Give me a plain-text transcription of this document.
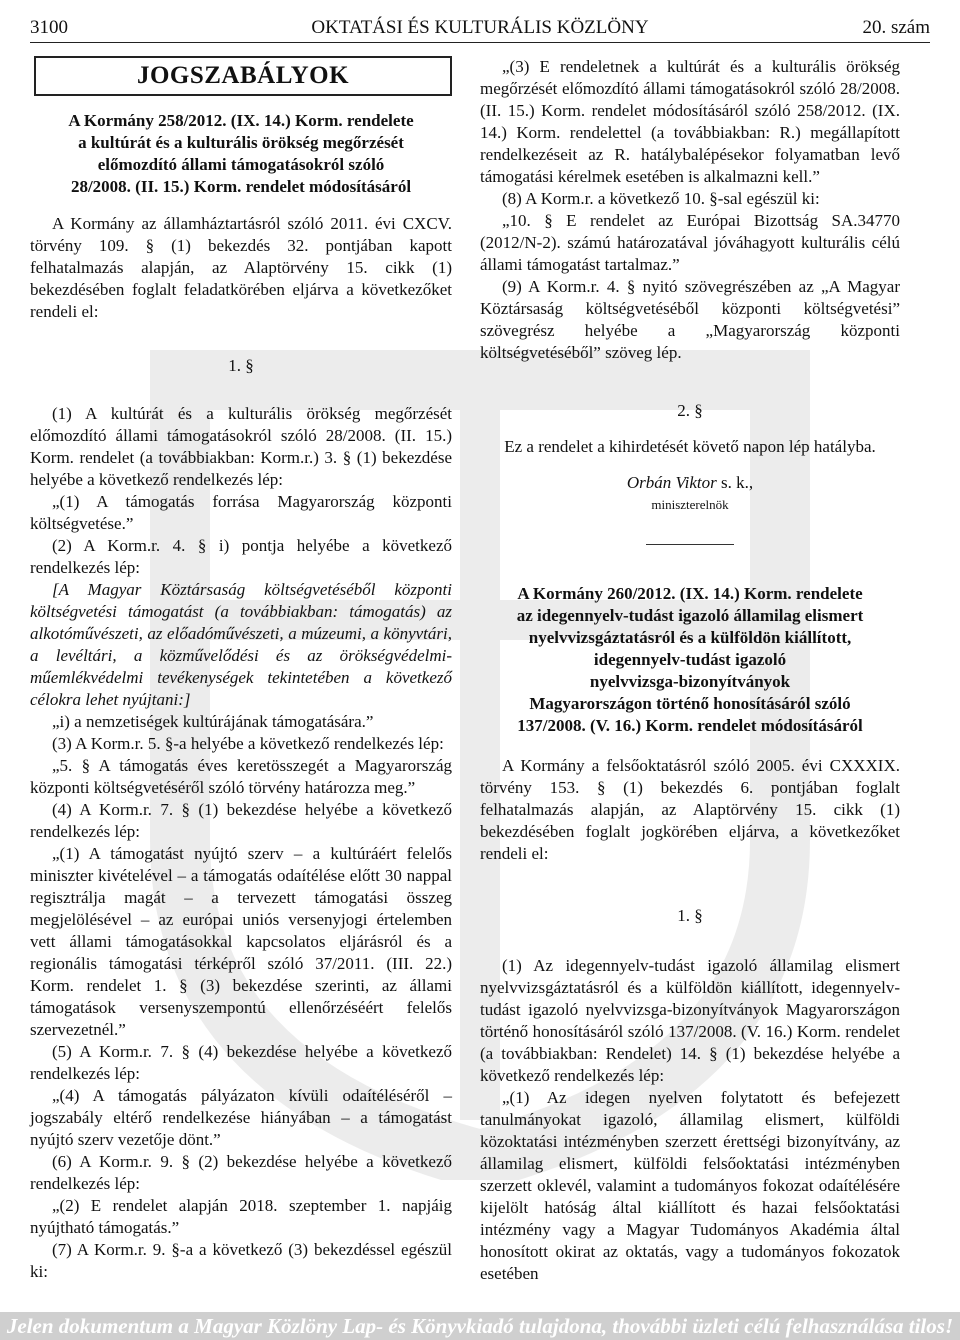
3100	OKTATÁSI ÉS KULTURÁLIS KÖZLÖNY	20. szám
JOGSZABÁLYOK

A Kormány 258/2012. (IX. 14.) Korm. rendelete

a kultúrát és a kulturális örökség megőrzését

előmozdító állami támogatásokról szóló

28/2008. (II. 15.) Korm. rendelet módosításáról

A Kormány az államháztartásról szóló 2011. évi CXCV. törvény 109. § (1) bekezdés 32. pontjában kapott felhatalmazás alapján, az Alaptörvény 15. cikk (1) bekezdésében foglalt feladatkörében eljárva a következőket rendeli el:

1. §

(1) A kultúrát és a kulturális örökség megőrzését előmozdító állami támogatásokról szóló 28/2008. (II. 15.) Korm. rendelet (a továbbiakban: Korm.r.) 3. § (1) bekezdése helyébe a következő rendelkezés lép:

„(1) A támogatás forrása Magyarország központi költségvetése.”

(2) A Korm.r. 4. § i) pontja helyébe a következő rendelkezés lép:

[A Magyar Köztársaság költségvetéséből központi költségvetési támogatást (a továbbiakban: támogatás) az alkotóművészeti, az előadóművészeti, a múzeumi, a könyvtári, a levéltári, a közművelődési és az örökségvédelmi-műemlékvédelmi tevékenységek tekintetében a következő célokra lehet nyújtani:]

„i) a nemzetiségek kultúrájának támogatására.”

(3) A Korm.r. 5. §-a helyébe a következő rendelkezés lép:

„5. § A támogatás éves keretösszegét a Magyarország központi költségvetéséről szóló törvény határozza meg.”

(4) A Korm.r. 7. § (1) bekezdése helyébe a következő rendelkezés lép:

„(1) A támogatást nyújtó szerv – a kultúráért felelős miniszter kivételével – a támogatás odaítélése előtt 30 nappal regisztrálja magát – a tervezett támogatási összeg megjelölésével – az európai uniós versenyjogi értelemben vett állami támogatásokkal kapcsolatos eljárásról és a regionális támogatási térképről szóló 37/2011. (III. 22.) Korm. rendelet 1. § (3) bekezdése szerinti, az állami támogatások versenyszempontú ellenőrzéséért felelős szervezetnél.”

(5) A Korm.r. 7. § (4) bekezdése helyébe a következő rendelkezés lép:

„(4) A támogatás pályázaton kívüli odaítéléséről – jogszabály eltérő rendelkezése hiányában – a támogatást nyújtó szerv vezetője dönt.”

(6) A Korm.r. 9. § (2) bekezdése helyébe a következő rendelkezés lép:

„(2) E rendelet alapján 2018. szeptember 1. napjáig nyújtható támogatás.”

(7) A Korm.r. 9. §-a a következő (3) bekezdéssel egészül ki:

„(3) E rendeletnek a kultúrát és a kulturális örökség megőrzését előmozdító állami támogatásokról szóló 28/2008. (II. 15.) Korm. rendelet módosításáról szóló 258/2012. (IX. 14.) Korm. rendelettel (a továbbiakban: R.) megállapított rendelkezéseit az R. hatálybalépésekor folyamatban levő támogatási kérelmek esetében is alkalmazni kell.”

(8) A Korm.r. a következő 10. §-sal egészül ki:

„10. § E rendelet az Európai Bizottság SA.34770 (2012/N-2). számú határozatával jóváhagyott kulturális célú állami támogatást tartalmaz.”

(9) A Korm.r. 4. § nyitó szövegrészében az „A Magyar Köztársaság költségvetéséből központi költségvetési” szövegrész helyébe a „Magyarország központi költségvetéséből” szöveg lép.

2. §

Ez a rendelet a kihirdetését követő napon lép hatályba.

Orbán Viktor s. k.,

miniszterelnök

A Kormány 260/2012. (IX. 14.) Korm. rendelete

az idegennyelv-tudást igazoló államilag elismert

nyelvvizsgáztatásról és a külföldön kiállított,

idegennyelv-tudást igazoló

nyelvvizsga-bizonyítványok

Magyarországon történő honosításáról szóló

137/2008. (V. 16.) Korm. rendelet módosításáról

A Kormány a felsőoktatásról szóló 2005. évi CXXXIX. törvény 153. § (1) bekezdés 6. pontjában foglalt felhatalmazás alapján, az Alaptörvény 15. cikk (1) bekezdésében foglalt jogkörében eljárva, a következőket rendeli el:

1. §

(1) Az idegennyelv-tudást igazoló államilag elismert nyelvvizsgáztatásról és a külföldön kiállított, idegennyelv-tudást igazoló nyelvvizsga-bizonyítványok Magyarországon történő honosításáról szóló 137/2008. (V. 16.) Korm. rendelet (a továbbiakban: Rendelet) 14. § (1) bekezdése helyébe a következő rendelkezés lép:

„(1) Az idegen nyelven folytatott és befejezett tanulmányokat igazoló, államilag elismert, külföldi közoktatási intézményben szerzett érettségi bizonyítvány, az államilag elismert, külföldi felsőoktatási intézményben szerzett oklevél, valamint a tudományos fokozat odaítélésére kijelölt hatóság által kiállított és hazai felsőoktatási intézmény vagy a Magyar Tudományos Akadémia által honosított okirat az oktatás, vagy a tudományos fokozatok esetében

Jelen dokumentum a Magyar Közlöny Lap- és Könyvkiadó tulajdona, thovábbi üzleti célú felhasználása tilos!
